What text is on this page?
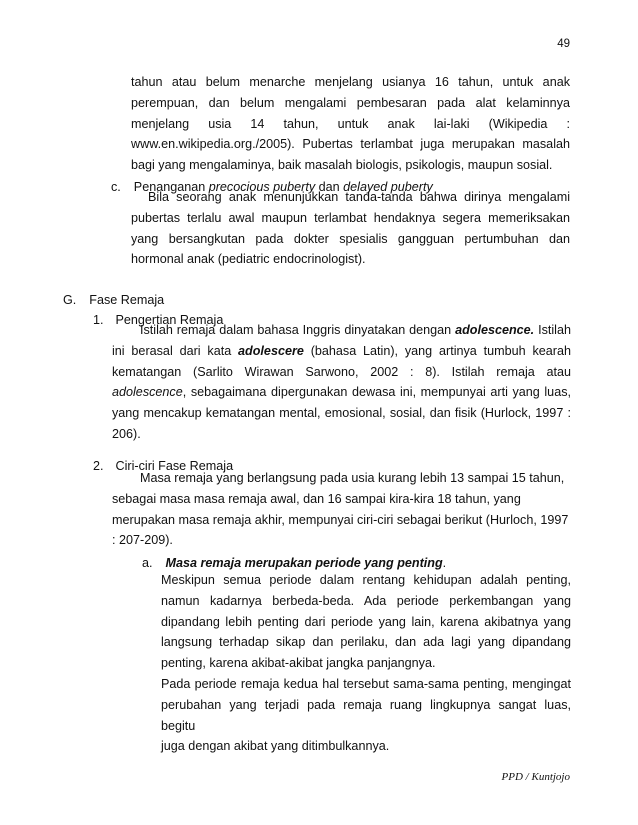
49
tahun atau belum menarche menjelang usianya 16 tahun, untuk anak
perempuan, dan belum mengalami pembesaran pada alat kelaminnya
menjelang usia 14 tahun, untuk anak lai-laki (Wikipedia :
www.en.wikipedia.org./2005). Pubertas terlambat juga merupakan masalah
bagi yang mengalaminya, baik masalah biologis, psikologis, maupun sosial.
c. Penanganan precocious puberty dan delayed puberty
Bila seorang anak menunjukkan tanda-tanda bahwa dirinya mengalami
pubertas terlalu awal maupun terlambat hendaknya segera memeriksakan
yang bersangkutan pada dokter spesialis gangguan pertumbuhan dan
hormonal anak (pediatric endocrinologist).
G. Fase Remaja
1. Pengertian Remaja
Istilah remaja dalam bahasa Inggris dinyatakan dengan adolescence. Istilah
ini berasal dari kata adolescere (bahasa Latin), yang artinya tumbuh kearah
kematangan (Sarlito Wirawan Sarwono, 2002 : 8). Istilah remaja atau
adolescence, sebagaimana dipergunakan dewasa ini, mempunyai arti yang luas,
yang mencakup kematangan mental, emosional, sosial, dan fisik (Hurlock, 1997 :
206).
2. Ciri-ciri Fase Remaja
Masa remaja yang berlangsung pada usia kurang lebih 13 sampai 15 tahun,
sebagai masa masa remaja awal, dan 16 sampai kira-kira 18 tahun, yang
merupakan masa remaja akhir, mempunyai ciri-ciri sebagai berikut (Hurloch, 1997
: 207-209).
a. Masa remaja merupakan periode yang penting.
Meskipun semua periode dalam rentang kehidupan adalah penting,
namun kadarnya berbeda-beda. Ada periode perkembangan yang
dipandang lebih penting dari periode yang lain, karena akibatnya yang
langsung terhadap sikap dan perilaku, dan ada lagi yang dipandang
penting, karena akibat-akibat jangka panjangnya.
Pada periode remaja kedua hal tersebut sama-sama penting, mengingat
perubahan yang terjadi pada remaja ruang lingkupnya sangat luas, begitu
juga dengan akibat yang ditimbulkannya.
PPD / Kuntjojo
